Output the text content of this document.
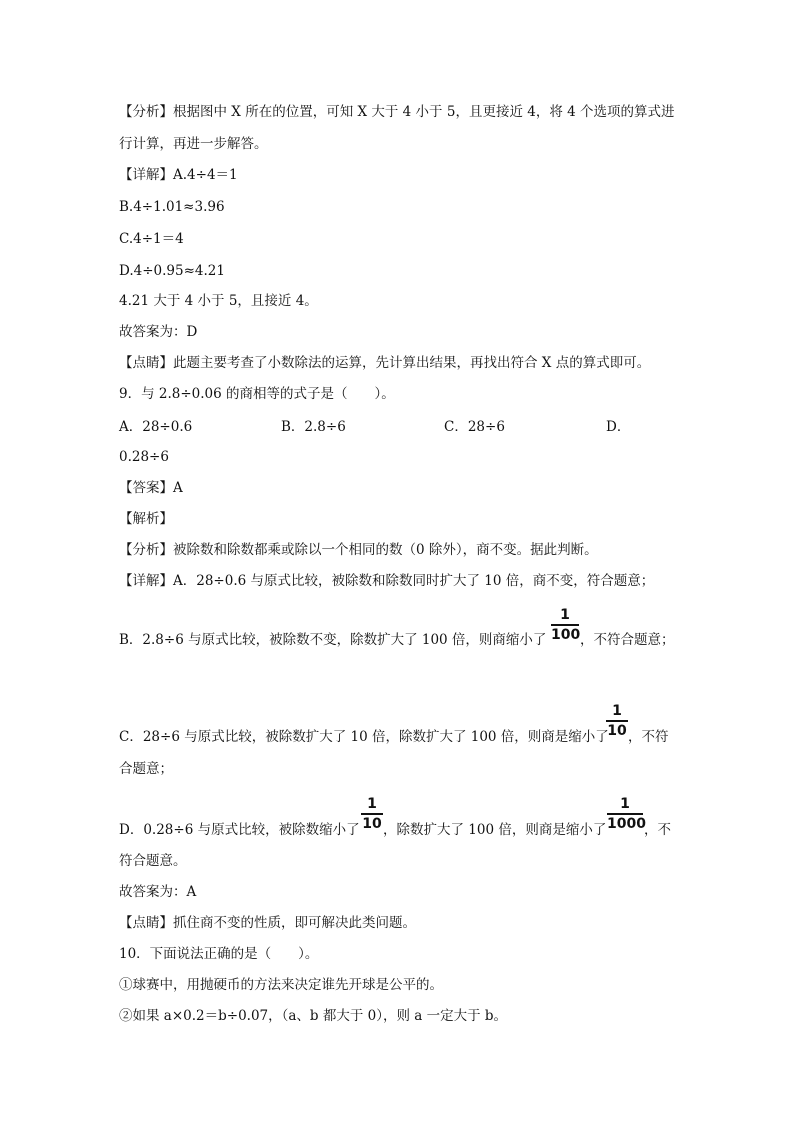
【分析】根据图中 X 所在的位置，可知 X 大于 4 小于 5，且更接近 4，将 4 个选项的算式进
行计算，再进一步解答。
【详解】A.4÷4＝1
B.4÷1.01≈3.96
C.4÷1＝4
D.4÷0.95≈4.21
4.21 大于 4 小于 5，且接近 4。
故答案为：D
【点睛】此题主要考查了小数除法的运算，先计算出结果，再找出符合 X 点的算式即可。
9．与 2.8÷0.06 的商相等的式子是（　　）。
A．28÷0.6	B．2.8÷6	C．28÷6	D．
0.28÷6
【答案】A
【解析】
【分析】被除数和除数都乘或除以一个相同的数（0 除外），商不变。据此判断。
【详解】A．28÷0.6 与原式比较，被除数和除数同时扩大了 10 倍，商不变，符合题意；
B．2.8÷6 与原式比较，被除数不变，除数扩大了 100 倍，则商缩小了
1
100 ，不符合题意；
C．28÷6 与原式比较，被除数扩大了 10 倍，除数扩大了 100 倍，则商是缩小了
1
10 ，不符
合题意；
D．0.28÷6 与原式比较，被除数缩小了
1
10 ，除数扩大了 100 倍，则商是缩小了
1
1000
，不
符合题意。
故答案为：A
【点睛】抓住商不变的性质，即可解决此类问题。
10．下面说法正确的是（　　）。
①球赛中，用抛硬币的方法来决定谁先开球是公平的。
②如果 a×0.2＝b÷0.07，（a、b 都大于 0），则 a 一定大于 b。
